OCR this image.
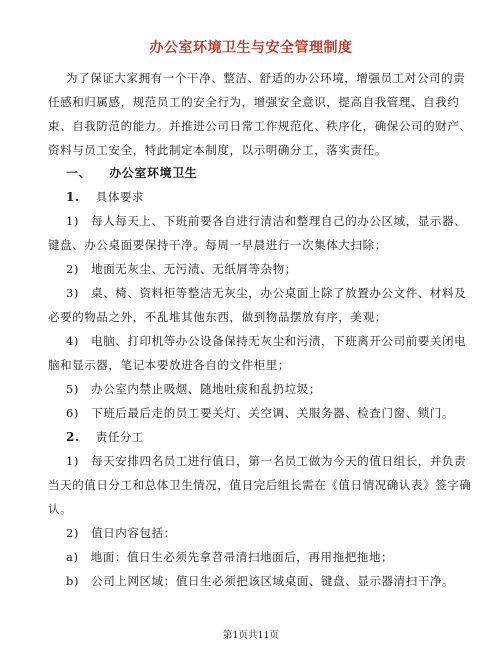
办公室环境卫生与安全管理制度
为了保证大家拥有一个干净、整洁、舒适的办公环境，增强员工对公司的责
任感和归属感，规范员工的安全行为，增强安全意识，提高自我管理、自我约
束、自我防范的能力。并推进公司日常工作规范化、秩序化，确保公司的财产、
资料与员工安全，特此制定本制度，以示明确分工，落实责任。
一、 办公室环境卫生
1. 具体要求
1)　每人每天上、下班前要各自进行清洁和整理自己的办公区域，显示器、
键盘、办公桌面要保持干净。每周一早晨进行一次集体大扫除；
2)　地面无灰尘、无污渍、无纸屑等杂物；
3)　桌、椅、资料柜等整洁无灰尘，办公桌面上除了放置办公文件、材料及
必要的物品之外，不乱堆其他东西，做到物品摆放有序，美观；
4)　电脑、打印机等办公设备保持无灰尘和污渍，下班离开公司前要关闭电
脑和显示器，笔记本要放进各自的文件柜里；
5)　办公室内禁止吸烟、随地吐痰和乱扔垃圾；
6)　下班后最后走的员工要关灯、关空调、关服务器、检查门窗、锁门。
2. 责任分工
1)　每天安排四名员工进行值日，第一名员工做为今天的值日组长，并负责
当天的值日分工和总体卫生情况，值日完后组长需在《值日情况确认表》签字确
认。
2)　值日内容包括：
a)　地面：值日生必须先拿苕帚清扫地面后，再用拖把拖地；
b)　公司上网区域：值日生必须把该区域桌面、键盘、显示器清扫干净。
第1页共11页
